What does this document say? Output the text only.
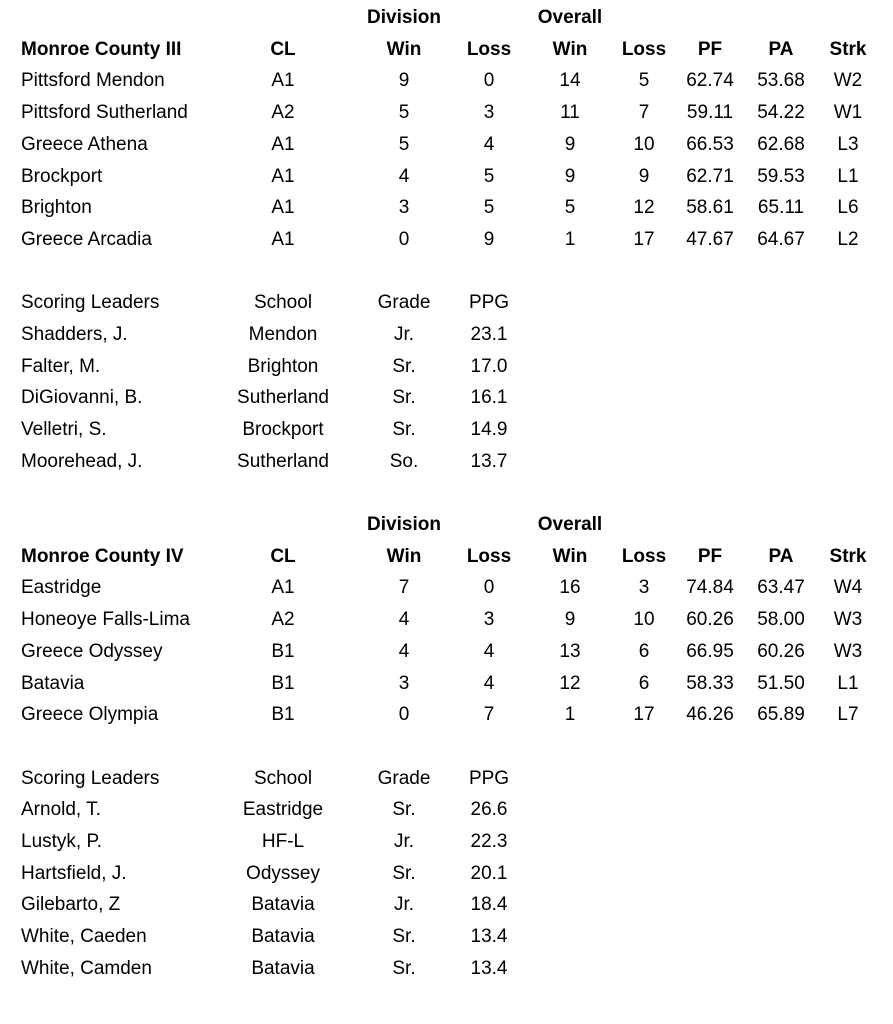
Division	Overall
Monroe County III	CL	Win Loss Win Loss PF PA Strk
Pittsford Mendon	A1	9	0	14	5 62.74 53.68 W2
Pittsford Sutherland	A2	5	3	11	7 59.11 54.22 W1
Greece Athena	A1	5	4	9	10 66.53 62.68 L3
Brockport	A1	4	5	9	9 62.71 59.53 L1
Brighton	A1	3	5	5	12 58.61 65.11 L6
Greece Arcadia	A1	0	9	1	17 47.67 64.67 L2
Scoring Leaders	School	Grade PPG
Shadders, J.	Mendon	Jr.	23.1
Falter, M.	Brighton	Sr.	17.0
DiGiovanni, B.	Sutherland	Sr.	16.1
Velletri, S.	Brockport	Sr.	14.9
Moorehead, J.	Sutherland	So.	13.7
Division	Overall
Monroe County IV	CL	Win Loss Win Loss PF PA Strk
Eastridge	A1	7	0	16	3 74.84 63.47 W4
Honeoye Falls-Lima	A2	4	3	9	10 60.26 58.00 W3
Greece Odyssey	B1	4	4	13	6 66.95 60.26 W3
Batavia	B1	3	4	12	6 58.33 51.50 L1
Greece Olympia	B1	0	7	1	17 46.26 65.89 L7
Scoring Leaders	School	Grade PPG
Arnold, T.	Eastridge	Sr.	26.6
Lustyk, P.	HF-L	Jr.	22.3
Hartsfield, J.	Odyssey	Sr.	20.1
Gilebarto, Z	Batavia	Jr.	18.4
White, Caeden	Batavia	Sr.	13.4
White, Camden	Batavia	Sr.	13.4
